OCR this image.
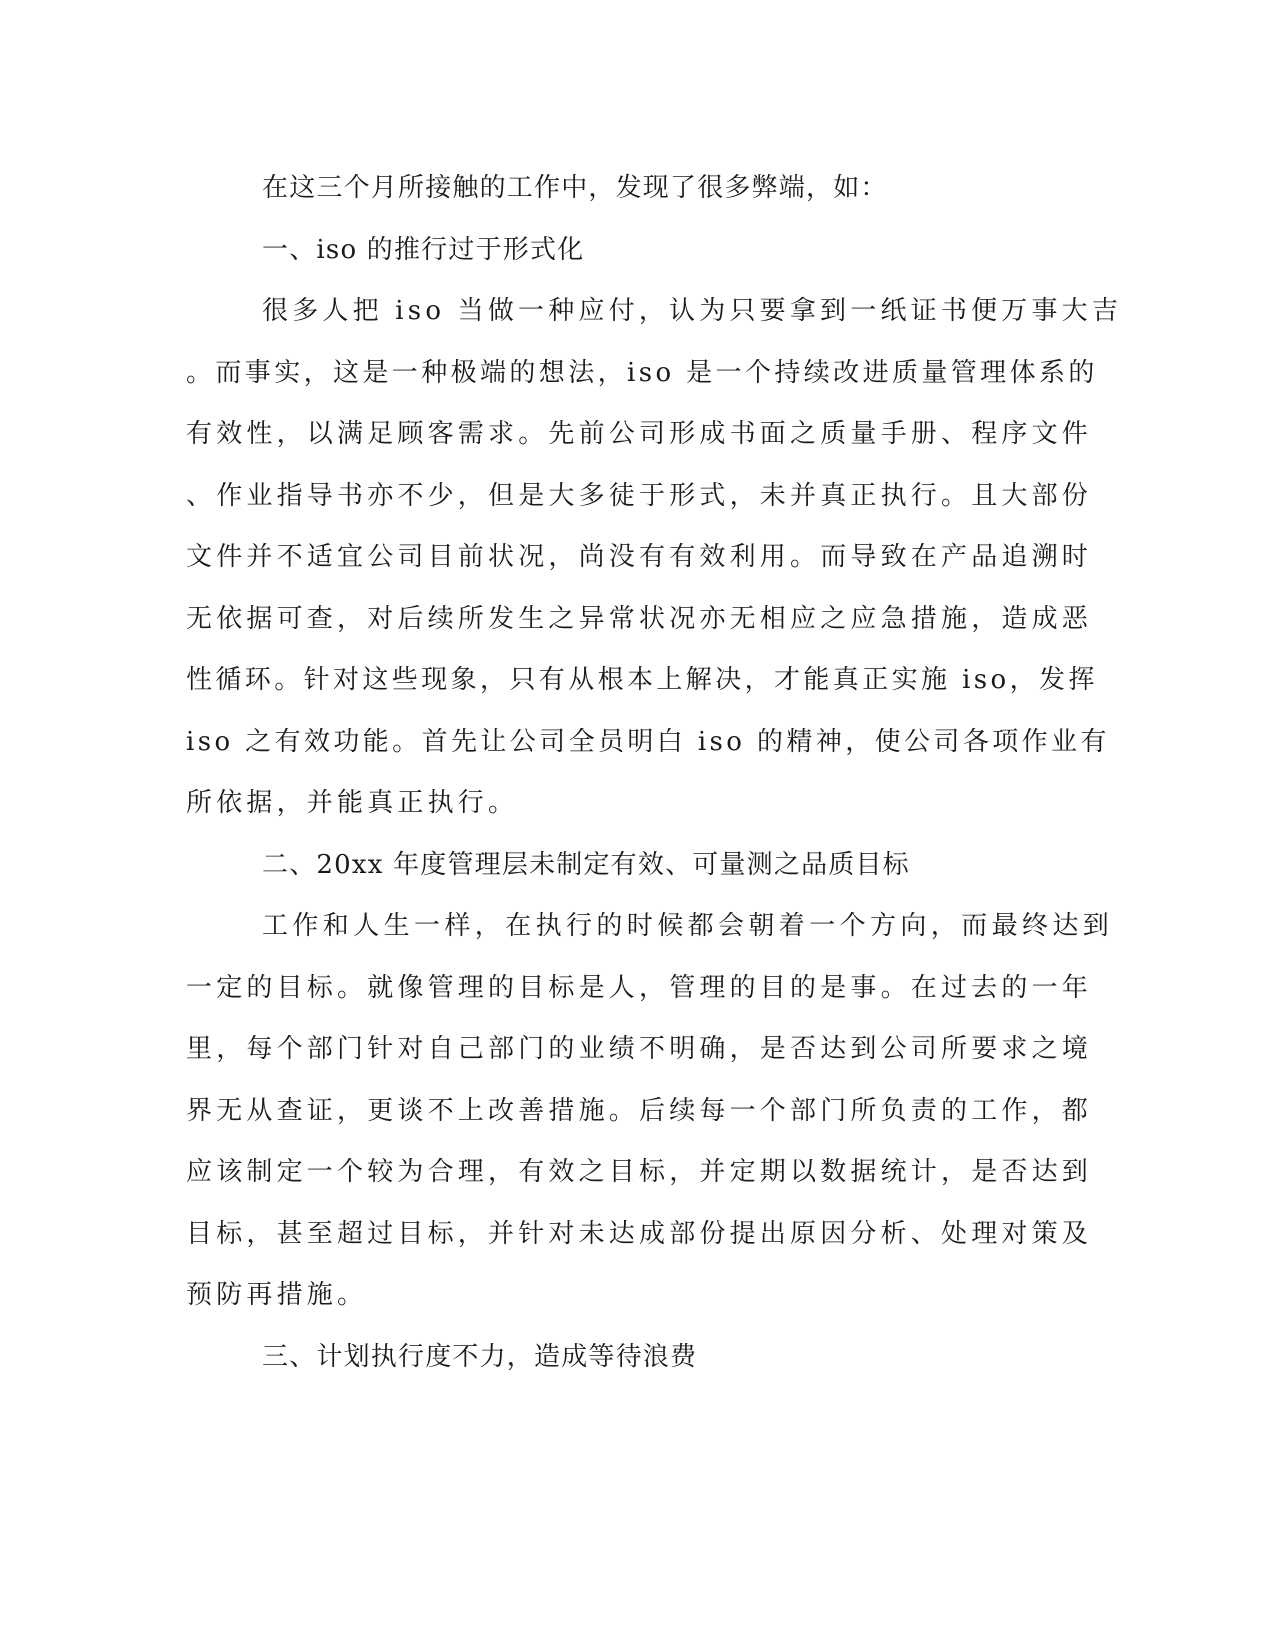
在这三个月所接触的工作中，发现了很多弊端，如：
一、iso 的推行过于形式化
很多人把 iso 当做一种应付，认为只要拿到一纸证书便万事大吉
。而事实，这是一种极端的想法，iso 是一个持续改进质量管理体系的
有效性，以满足顾客需求。先前公司形成书面之质量手册、程序文件
、作业指导书亦不少，但是大多徒于形式，未并真正执行。且大部份
文件并不适宜公司目前状况，尚没有有效利用。而导致在产品追溯时
无依据可查，对后续所发生之异常状况亦无相应之应急措施，造成恶
性循环。针对这些现象，只有从根本上解决，才能真正实施 iso，发挥
iso 之有效功能。首先让公司全员明白 iso 的精神，使公司各项作业有
所依据，并能真正执行。
二、20xx 年度管理层未制定有效、可量测之品质目标
工作和人生一样，在执行的时候都会朝着一个方向，而最终达到
一定的目标。就像管理的目标是人，管理的目的是事。在过去的一年
里，每个部门针对自己部门的业绩不明确，是否达到公司所要求之境
界无从查证，更谈不上改善措施。后续每一个部门所负责的工作，都
应该制定一个较为合理，有效之目标，并定期以数据统计，是否达到
目标，甚至超过目标，并针对未达成部份提出原因分析、处理对策及
预防再措施。
三、计划执行度不力，造成等待浪费
